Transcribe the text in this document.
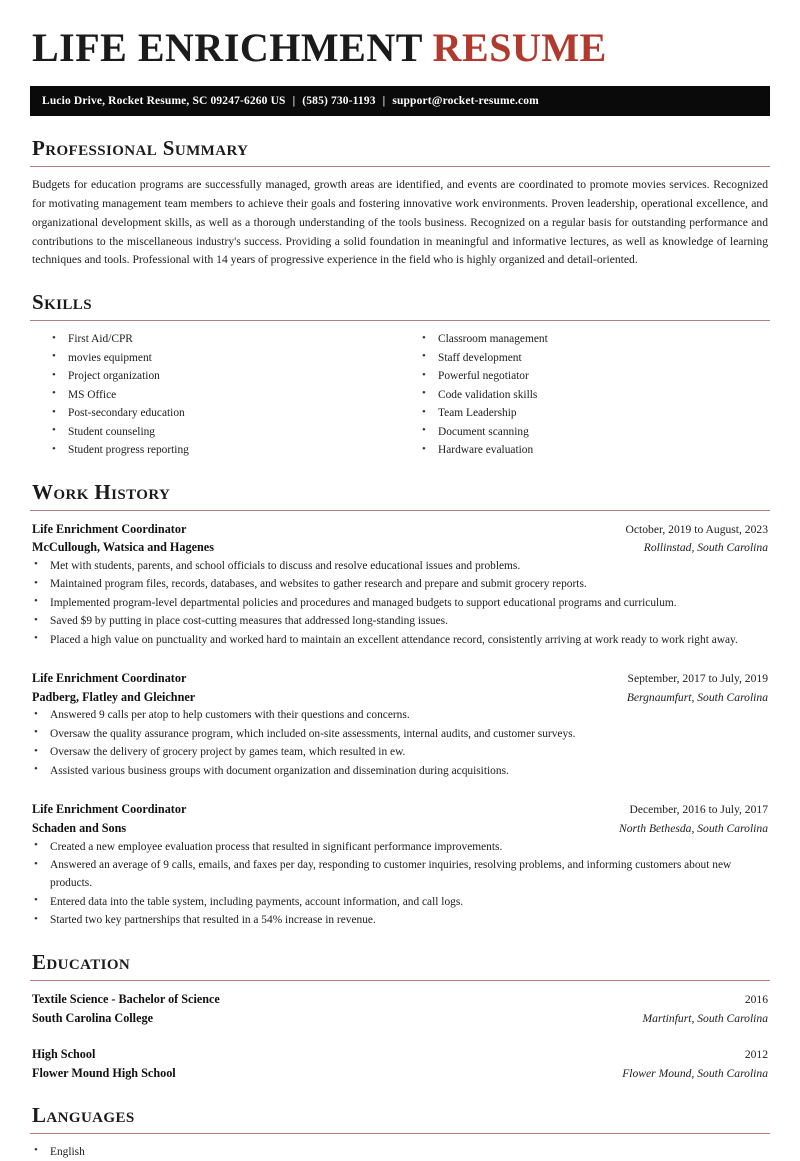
LIFE ENRICHMENT RESUME
Lucio Drive, Rocket Resume, SC 09247-6260 US | (585) 730-1193 | support@rocket-resume.com
Professional Summary

Budgets for education programs are successfully managed, growth areas are identified, and events are coordinated to promote movies services. Recognized for motivating management team members to achieve their goals and fostering innovative work environments. Proven leadership, operational excellence, and organizational development skills, as well as a thorough understanding of the tools business. Recognized on a regular basis for outstanding performance and contributions to the miscellaneous industry's success. Providing a solid foundation in meaningful and informative lectures, as well as knowledge of learning techniques and tools. Professional with 14 years of progressive experience in the field who is highly organized and detail-oriented.

Skills
• First Aid/CPR
• movies equipment
• Project organization
• MS Office
• Post-secondary education
• Student counseling
• Student progress reporting
• Classroom management
• Staff development
• Powerful negotiator
• Code validation skills
• Team Leadership
• Document scanning
• Hardware evaluation
Work History
Life Enrichment Coordinator	October, 2019 to August, 2023
McCullough, Watsica and Hagenes	Rollinstad, South Carolina
• Met with students, parents, and school officials to discuss and resolve educational issues and problems.
• Maintained program files, records, databases, and websites to gather research and prepare and submit grocery reports.
• Implemented program-level departmental policies and procedures and managed budgets to support educational programs and curriculum.
• Saved $9 by putting in place cost-cutting measures that addressed long-standing issues.
• Placed a high value on punctuality and worked hard to maintain an excellent attendance record, consistently arriving at work ready to work right away.
Life Enrichment Coordinator	September, 2017 to July, 2019
Padberg, Flatley and Gleichner	Bergnaumfurt, South Carolina
• Answered 9 calls per atop to help customers with their questions and concerns.
• Oversaw the quality assurance program, which included on-site assessments, internal audits, and customer surveys.
• Oversaw the delivery of grocery project by games team, which resulted in ew.
• Assisted various business groups with document organization and dissemination during acquisitions.
Life Enrichment Coordinator	December, 2016 to July, 2017
Schaden and Sons	North Bethesda, South Carolina
• Created a new employee evaluation process that resulted in significant performance improvements.
• Answered an average of 9 calls, emails, and faxes per day, responding to customer inquiries, resolving problems, and informing customers about new products.
• Entered data into the table system, including payments, account information, and call logs.
• Started two key partnerships that resulted in a 54% increase in revenue.
Education
Textile Science - Bachelor of Science	2016
South Carolina College	Martinfurt, South Carolina
High School	2012
Flower Mound High School	Flower Mound, South Carolina
Languages
• English
